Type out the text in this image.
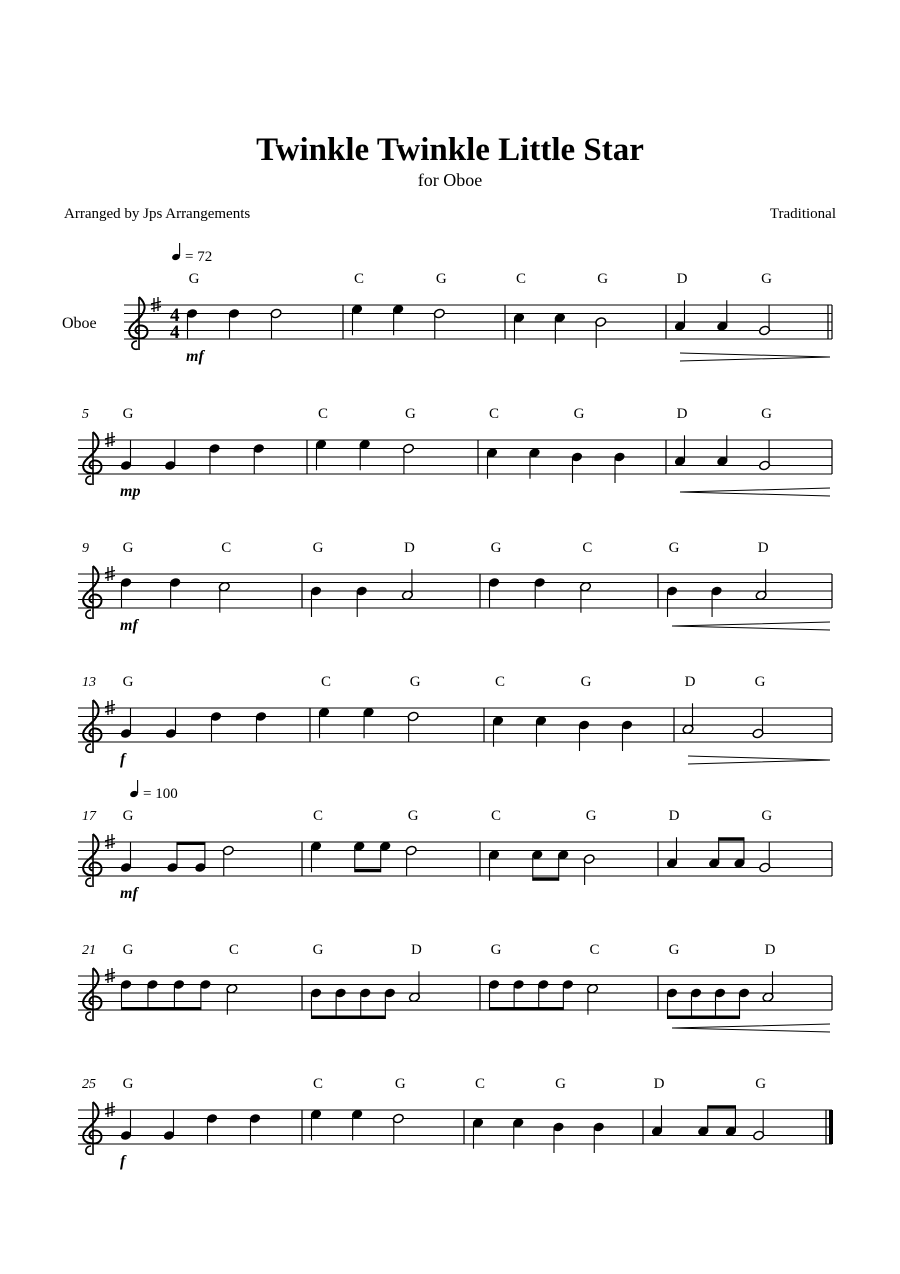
Twinkle Twinkle Little Star
for Oboe
Arranged by Jps Arrangements	Traditional
Oboe	4
4
G	C	G	C	G	D	G
mf
5 G	C	G	C	G	D	G
mp
9 G	C	G	D	G	C	G	D
mf
13 G	C	G	C	G	D	G
f
17 G	C	G	C	G	D	G
mf
21 G	C	G	D	G	C	G	D
25 G	C	G	C	G	D	G
f
= 72
= 100
